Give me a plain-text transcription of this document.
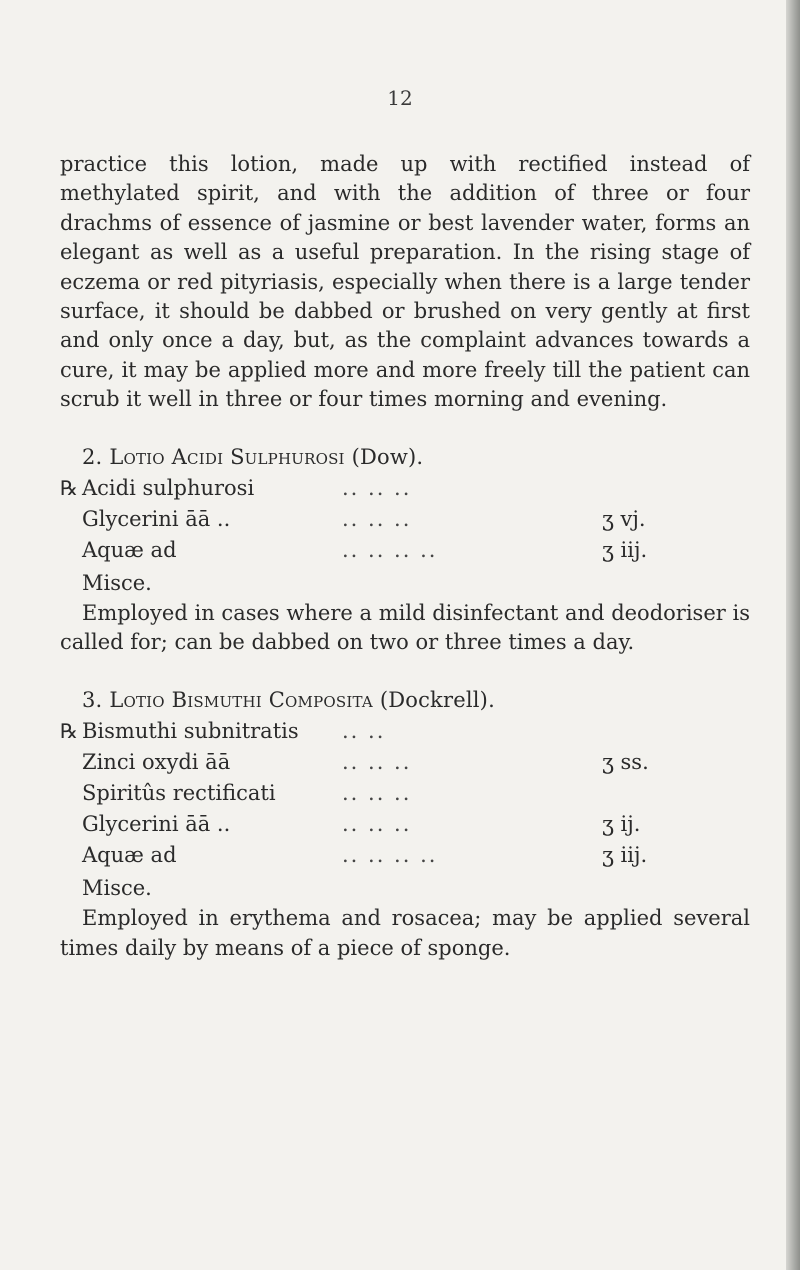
12

practice this lotion, made up with rectified instead of methylated spirit, and with the addition of three or four drachms of essence of jasmine or best lavender water, forms an elegant as well as a useful preparation. In the rising stage of eczema or red pityriasis, especially when there is a large tender surface, it should be dabbed or brushed on very gently at first and only once a day, but, as the complaint advances towards a cure, it may be applied more and more freely till the patient can scrub it well in three or four times morning and evening.

2. Lotio Acidi Sulphurosi (Dow).
℞ Acidi sulphurosi	.. .. ..
Glycerini āā ..	.. .. ..	ʒ vj.
Aquæ ad	.. .. .. ..	ʒ iij.
Misce.

Employed in cases where a mild disinfectant and deodoriser is called for; can be dabbed on two or three times a day.

3. Lotio Bismuthi Composita (Dockrell).
℞ Bismuthi subnitratis	.. ..
Zinci oxydi āā	.. .. ..	ʒ ss.
Spiritûs rectificati	.. .. ..
Glycerini āā ..	.. .. ..	ʒ ij.
Aquæ ad	.. .. .. ..	ʒ iij.
Misce.

Employed in erythema and rosacea; may be applied several times daily by means of a piece of sponge.
